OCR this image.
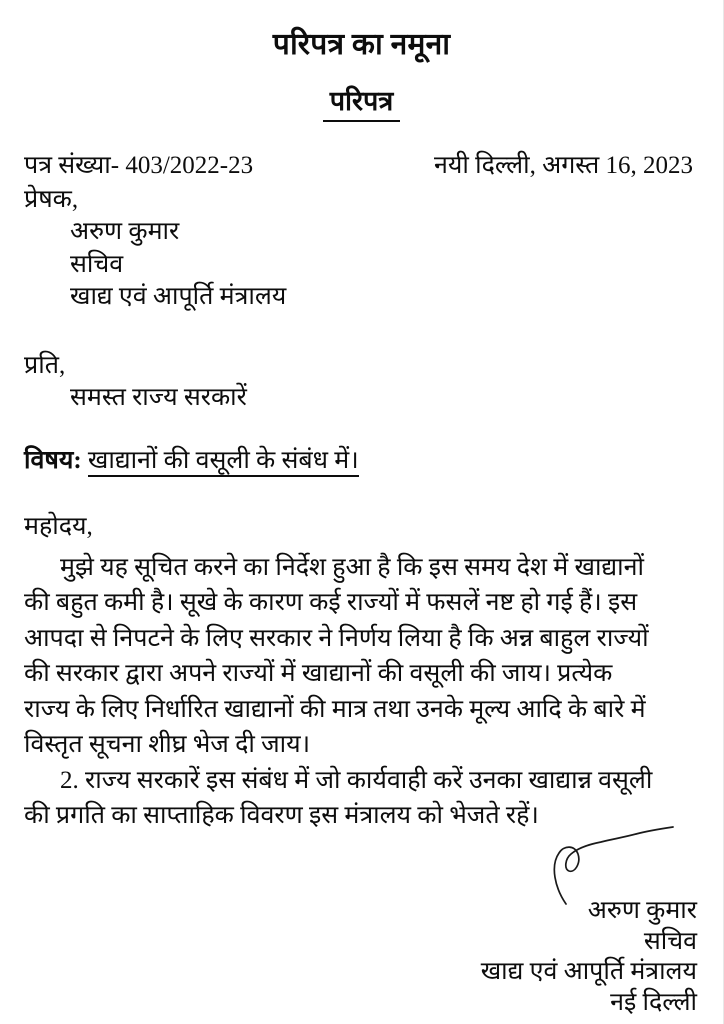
परिपत्र का नमूना
परिपत्र
पत्र संख्या- 403/2022-23	नयी दिल्ली, अगस्त 16, 2023
प्रेषक,
अरुण कुमार
सचिव
खाद्य एवं आपूर्ति मंत्रालय
प्रति,
समस्त राज्य सरकारें
विषय: खाद्यानों की वसूली के संबंध में।
महोदय,
मुझे यह सूचित करने का निर्देश हुआ है कि इस समय देश में खाद्यानों
की बहुत कमी है। सूखे के कारण कई राज्यों में फसलें नष्ट हो गई हैं। इस
आपदा से निपटने के लिए सरकार ने निर्णय लिया है कि अन्न बाहुल राज्यों
की सरकार द्वारा अपने राज्यों में खाद्यानों की वसूली की जाय। प्रत्येक
राज्य के लिए निर्धारित खाद्यानों की मात्र तथा उनके मूल्य आदि के बारे में
विस्तृत सूचना शीघ्र भेज दी जाय।
2. राज्य सरकारें इस संबंध में जो कार्यवाही करें उनका खाद्यान्न वसूली
की प्रगति का साप्ताहिक विवरण इस मंत्रालय को भेजते रहें।
अरुण कुमार
सचिव
खाद्य एवं आपूर्ति मंत्रालय
नई दिल्ली
